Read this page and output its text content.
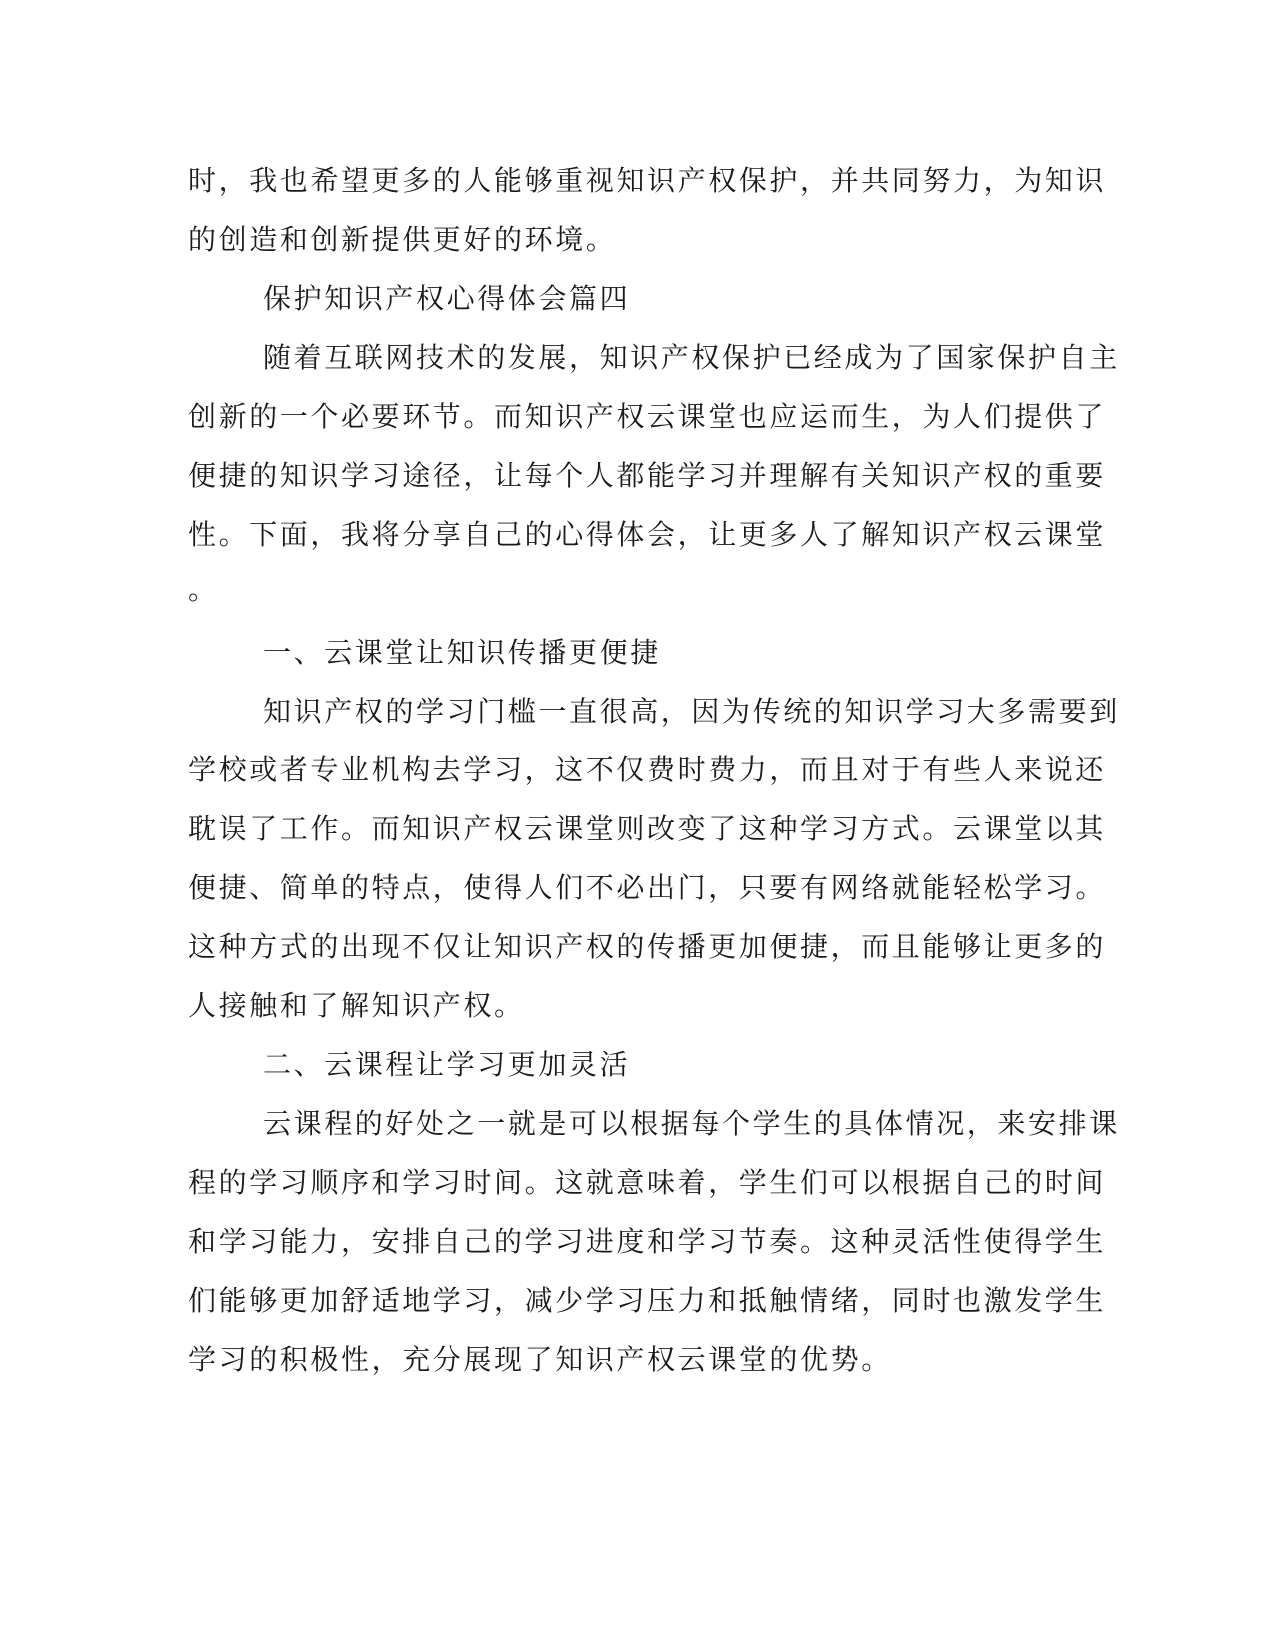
时，我也希望更多的人能够重视知识产权保护，并共同努力，为知识
的创造和创新提供更好的环境。
保护知识产权心得体会篇四
随着互联网技术的发展，知识产权保护已经成为了国家保护自主
创新的一个必要环节。而知识产权云课堂也应运而生，为人们提供了
便捷的知识学习途径，让每个人都能学习并理解有关知识产权的重要
性。下面，我将分享自己的心得体会，让更多人了解知识产权云课堂
。
一、云课堂让知识传播更便捷
知识产权的学习门槛一直很高，因为传统的知识学习大多需要到
学校或者专业机构去学习，这不仅费时费力，而且对于有些人来说还
耽误了工作。而知识产权云课堂则改变了这种学习方式。云课堂以其
便捷、简单的特点，使得人们不必出门，只要有网络就能轻松学习。
这种方式的出现不仅让知识产权的传播更加便捷，而且能够让更多的
人接触和了解知识产权。
二、云课程让学习更加灵活
云课程的好处之一就是可以根据每个学生的具体情况，来安排课
程的学习顺序和学习时间。这就意味着，学生们可以根据自己的时间
和学习能力，安排自己的学习进度和学习节奏。这种灵活性使得学生
们能够更加舒适地学习，减少学习压力和抵触情绪，同时也激发学生
学习的积极性，充分展现了知识产权云课堂的优势。
